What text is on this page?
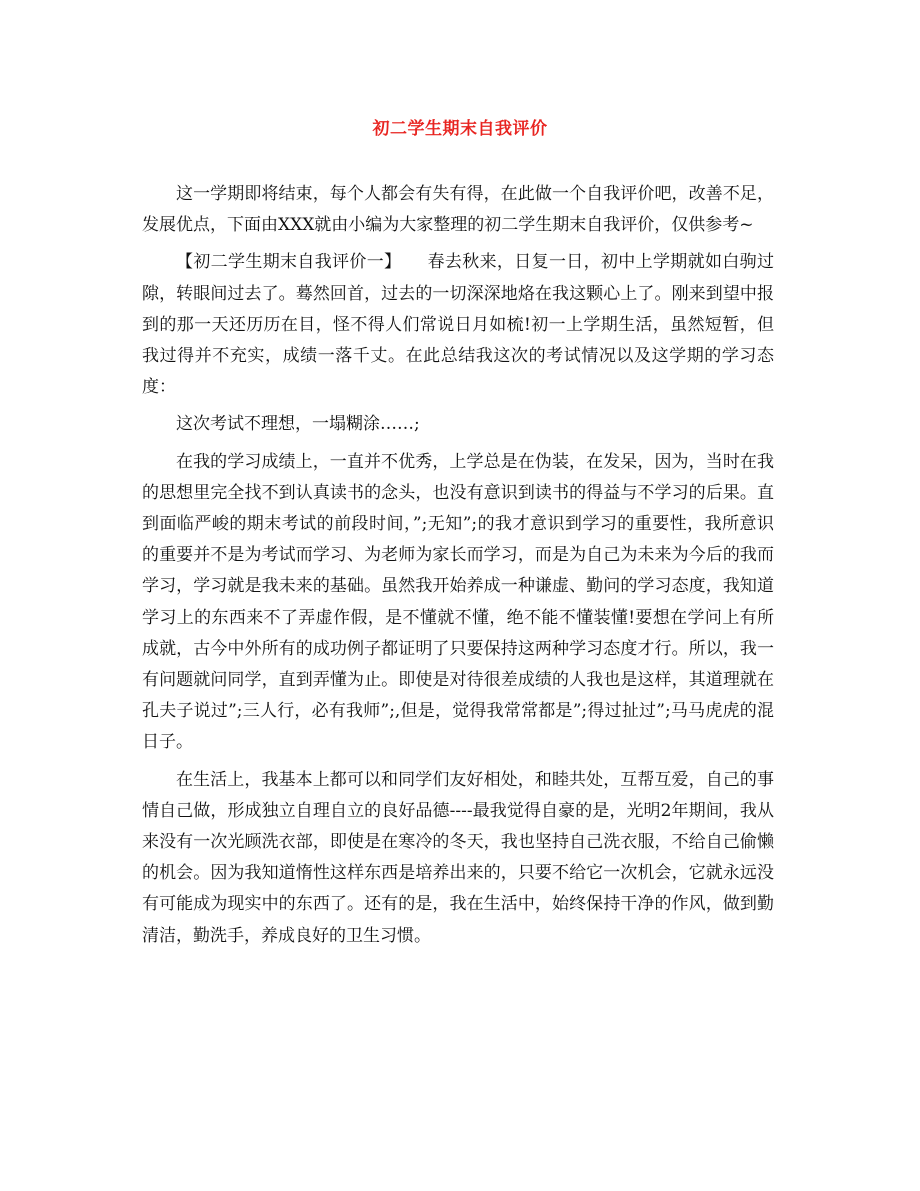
初二学生期末自我评价

这一学期即将结束，每个人都会有失有得，在此做一个自我评价吧，改善不足，发展优点，下面由XXX就由小编为大家整理的初二学生期末自我评价，仅供参考~

【初二学生期末自我评价一】　　春去秋来，日复一日，初中上学期就如白驹过隙，转眼间过去了。蓦然回首，过去的一切深深地烙在我这颗心上了。刚来到望中报到的那一天还历历在目，怪不得人们常说日月如梳!初一上学期生活，虽然短暂，但我过得并不充实，成绩一落千丈。在此总结我这次的考试情况以及这学期的学习态度：

这次考试不理想，一塌糊涂……;

在我的学习成绩上，一直并不优秀，上学总是在伪装，在发呆，因为，当时在我的思想里完全找不到认真读书的念头，也没有意识到读书的得益与不学习的后果。直到面临严峻的期末考试的前段时间，”;无知”;的我才意识到学习的重要性，我所意识的重要并不是为考试而学习、为老师为家长而学习，而是为自己为未来为今后的我而学习，学习就是我未来的基础。虽然我开始养成一种谦虚、勤问的学习态度，我知道学习上的东西来不了弄虚作假，是不懂就不懂，绝不能不懂装懂!要想在学问上有所成就，古今中外所有的成功例子都证明了只要保持这两种学习态度才行。所以，我一有问题就问同学，直到弄懂为止。即使是对待很差成绩的人我也是这样，其道理就在孔夫子说过”;三人行，必有我师”;,但是，觉得我常常都是”;得过扯过”;马马虎虎的混日子。

在生活上，我基本上都可以和同学们友好相处，和睦共处，互帮互爱，自己的事情自己做，形成独立自理自立的良好品德----最我觉得自豪的是，光明2年期间，我从来没有一次光顾洗衣部，即使是在寒冷的冬天，我也坚持自己洗衣服，不给自己偷懒的机会。因为我知道惰性这样东西是培养出来的，只要不给它一次机会，它就永远没有可能成为现实中的东西了。还有的是，我在生活中，始终保持干净的作风，做到勤清洁，勤洗手，养成良好的卫生习惯。
